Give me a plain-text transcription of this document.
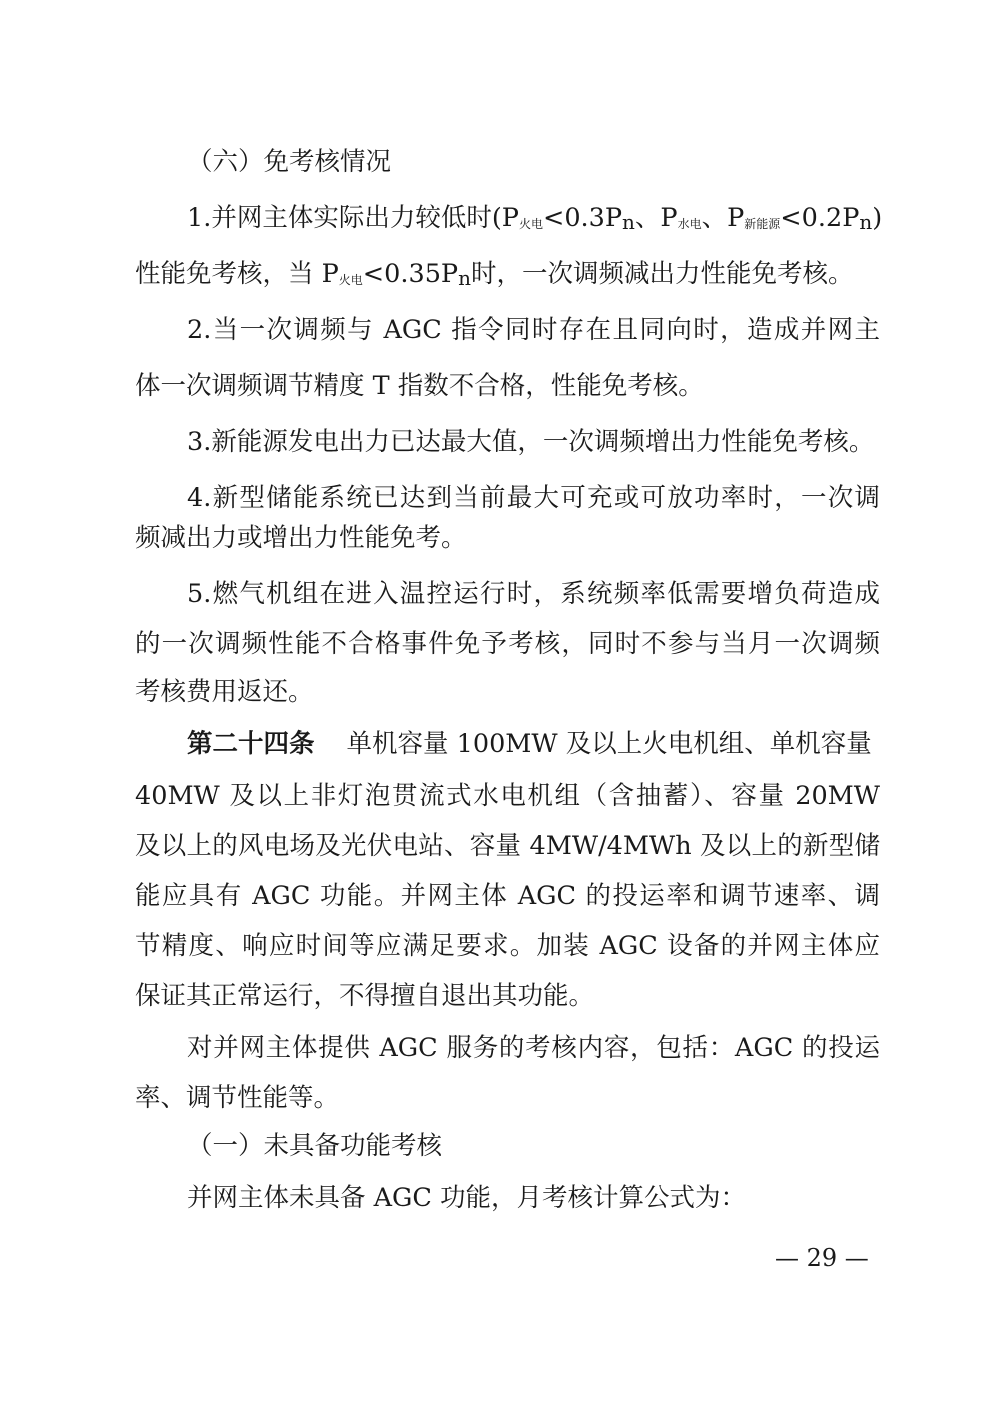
（六）免考核情况
1.并网主体实际出力较低时($P_{火电}<0.3P_n$、$P_{水电}$、$P_{新能源}<0.2P_n$)
性能免考核，当 $P_{火电}<0.35P_n$时，一次调频减出力性能免考核。
2.当一次调频与 AGC 指令同时存在且同向时，造成并网主
体一次调频调节精度 T 指数不合格，性能免考核。
3.新能源发电出力已达最大值，一次调频增出力性能免考核。
4.新型储能系统已达到当前最大可充或可放功率时，一次调
频减出力或增出力性能免考。
5.燃气机组在进入温控运行时，系统频率低需要增负荷造成
的一次调频性能不合格事件免予考核，同时不参与当月一次调频
考核费用返还。
第二十四条 单机容量 100MW 及以上火电机组、单机容量
40MW 及以上非灯泡贯流式水电机组（含抽蓄）、容量 20MW
及以上的风电场及光伏电站、容量 4MW/4MWh 及以上的新型储
能应具有 AGC 功能。并网主体 AGC 的投运率和调节速率、调
节精度、响应时间等应满足要求。加装 AGC 设备的并网主体应
保证其正常运行，不得擅自退出其功能。
对并网主体提供 AGC 服务的考核内容，包括：AGC 的投运
率、调节性能等。
（一）未具备功能考核
并网主体未具备 AGC 功能，月考核计算公式为：
— 29 —
